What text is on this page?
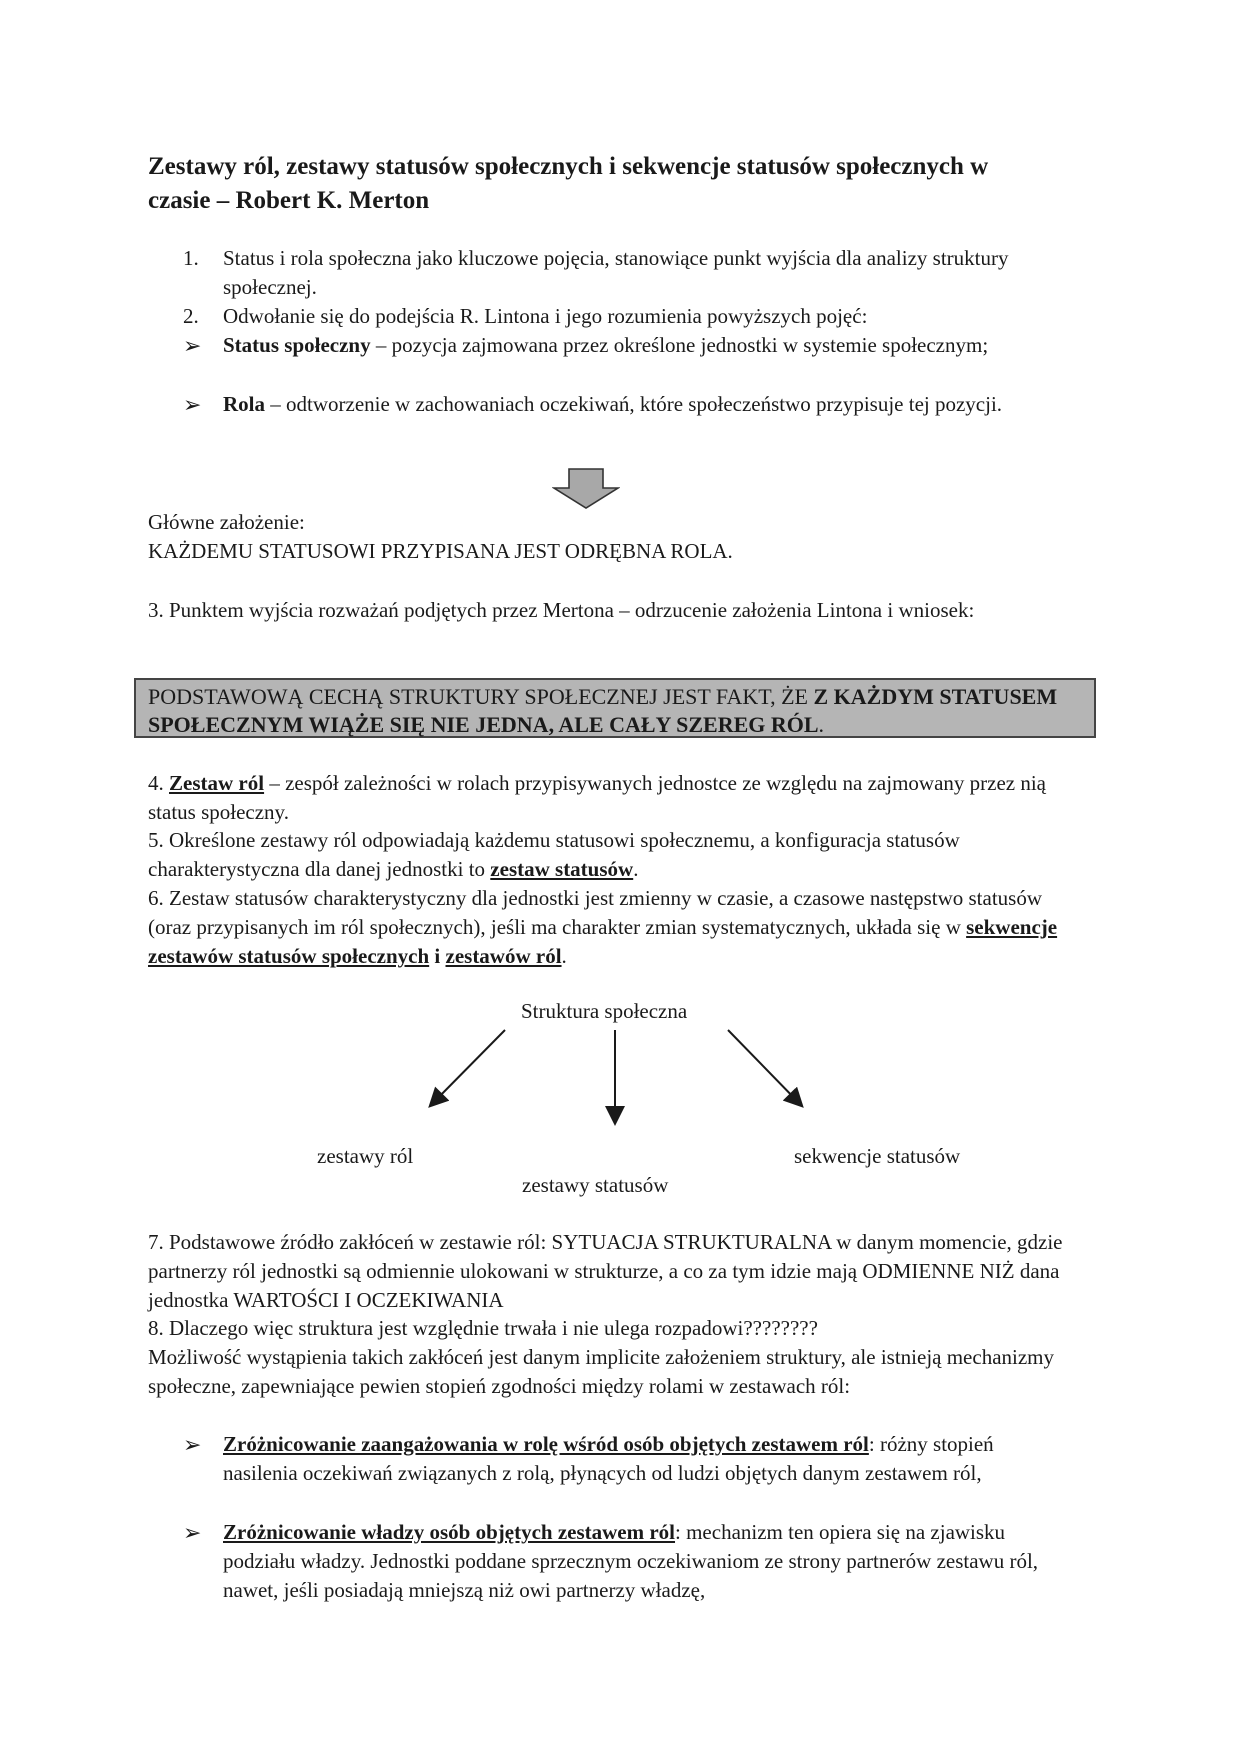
Zestawy ról, zestawy statusów społecznych i sekwencje statusów społecznych w czasie – Robert K. Merton
1. Status i rola społeczna jako kluczowe pojęcia, stanowiące punkt wyjścia dla analizy struktury społecznej.
2. Odwołanie się do podejścia R. Lintona i jego rozumienia powyższych pojęć:
➢ Status społeczny – pozycja zajmowana przez określone jednostki w systemie społecznym;
➢ Rola – odtworzenie w zachowaniach oczekiwań, które społeczeństwo przypisuje tej pozycji.
Główne założenie:
KAŻDEMU STATUSOWI PRZYPISANA JEST ODRĘBNA ROLA.
3. Punktem wyjścia rozważań podjętych przez Mertona – odrzucenie założenia Lintona i wniosek:
PODSTAWOWĄ CECHĄ STRUKTURY SPOŁECZNEJ JEST FAKT, ŻE Z KAŻDYM STATUSEM SPOŁECZNYM WIĄŻE SIĘ NIE JEDNA, ALE CAŁY SZEREG RÓL.
4. Zestaw ról – zespół zależności w rolach przypisywanych jednostce ze względu na zajmowany przez nią status społeczny.
5. Określone zestawy ról odpowiadają każdemu statusowi społecznemu, a konfiguracja statusów charakterystyczna dla danej jednostki to zestaw statusów.
6. Zestaw statusów charakterystyczny dla jednostki jest zmienny w czasie, a czasowe następstwo statusów (oraz przypisanych im ról społecznych), jeśli ma charakter zmian systematycznych, układa się w sekwencje zestawów statusów społecznych i zestawów ról.
Struktura społeczna
zestawy ról	sekwencje statusów
zestawy statusów
7. Podstawowe źródło zakłóceń w zestawie ról: SYTUACJA STRUKTURALNA w danym momencie, gdzie partnerzy ról jednostki są odmiennie ulokowani w strukturze, a co za tym idzie mają ODMIENNE NIŻ dana jednostka WARTOŚCI I OCZEKIWANIA
8. Dlaczego więc struktura jest względnie trwała i nie ulega rozpadowi????????
Możliwość wystąpienia takich zakłóceń jest danym implicite założeniem struktury, ale istnieją mechanizmy społeczne, zapewniające pewien stopień zgodności między rolami w zestawach ról:
➢ Zróżnicowanie zaangażowania w rolę wśród osób objętych zestawem ról: różny stopień nasilenia oczekiwań związanych z rolą, płynących od ludzi objętych danym zestawem ról,
➢ Zróżnicowanie władzy osób objętych zestawem ról: mechanizm ten opiera się na zjawisku podziału władzy. Jednostki poddane sprzecznym oczekiwaniom ze strony partnerów zestawu ról, nawet, jeśli posiadają mniejszą niż owi partnerzy władzę,
